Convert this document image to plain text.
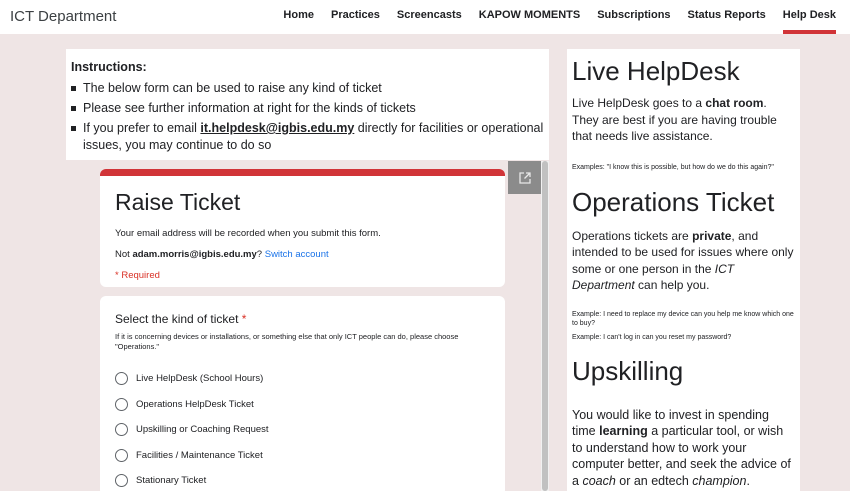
ICT Department	Home Practices Screencasts KAPOW MOMENTS Subscriptions Status Reports Help Desk
Instructions:
The below form can be used to raise any kind of ticket
Please see further information at right for the kinds of tickets
If you prefer to email it.helpdesk@igbis.edu.my directly for facilities or operational issues, you may continue to do so
Raise Ticket
Your email address will be recorded when you submit this form.
Not adam.morris@igbis.edu.my? Switch account
* Required
Select the kind of ticket *
If it is concerning devices or installations, or something else that only ICT people can do, please choose "Operations."
Live HelpDesk (School Hours)
Operations HelpDesk Ticket
Upskilling or Coaching Request
Facilities / Maintenance Ticket
Stationary Ticket
Live HelpDesk

Live HelpDesk goes to a chat room. They are best if you are having trouble that needs live assistance.

Examples: "I know this is possible, but how do we do this again?"

Operations Ticket

Operations tickets are private, and intended to be used for issues where only some or one person in the ICT Department can help you.

Example: I need to replace my device can you help me know which one to buy?

Example: I can't log in can you reset my password?

Upskilling

You would like to invest in spending time learning a particular tool, or wish to understand how to work your computer better, and seek the advice of a coach or an edtech champion.
